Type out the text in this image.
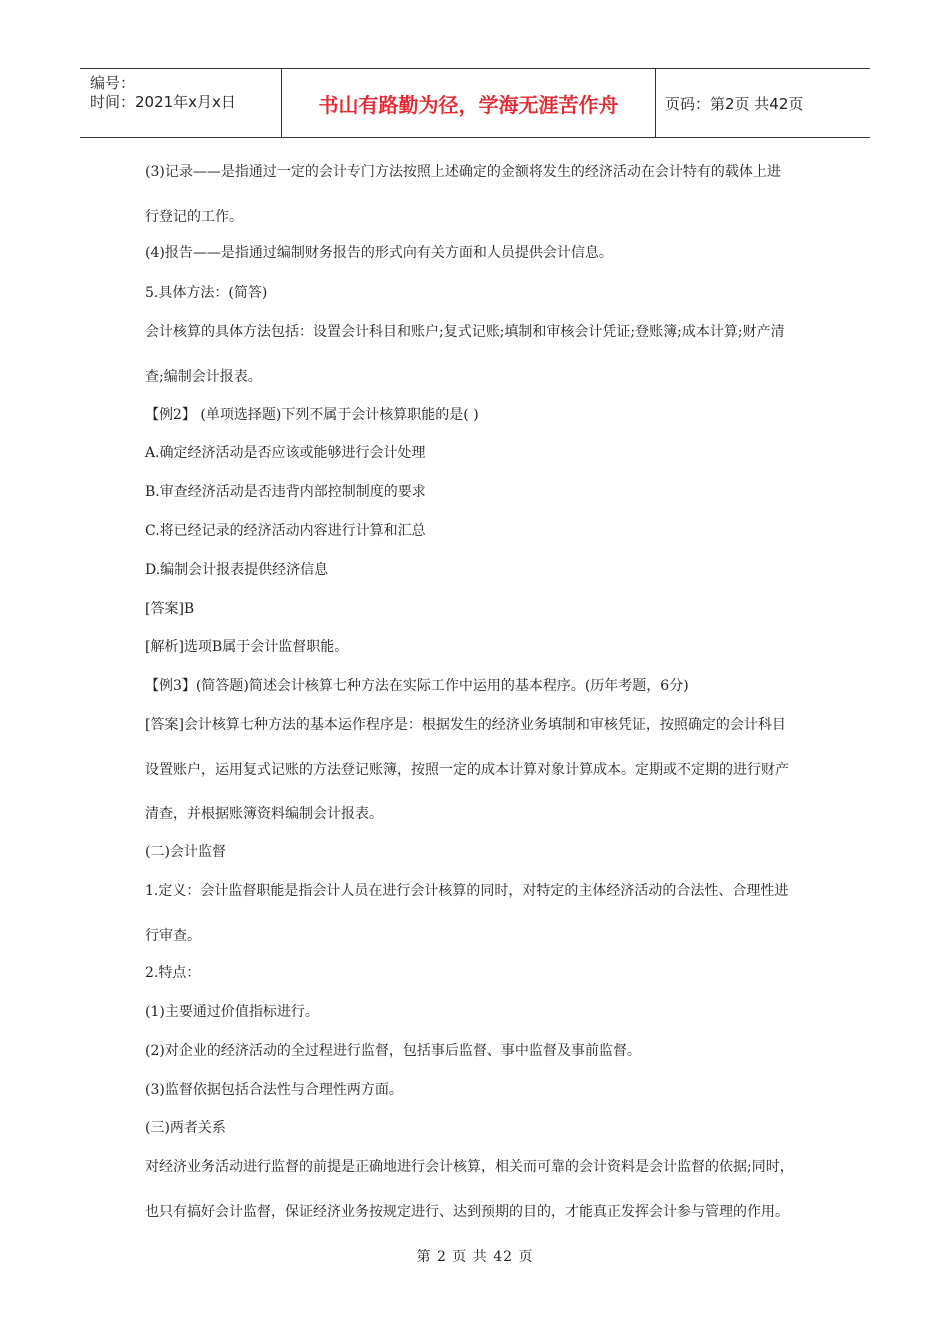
编号：
时间：2021年x月x日	书山有路勤为径，学海无涯苦作舟	页码：第2页 共42页
(3)记录——是指通过一定的会计专门方法按照上述确定的金额将发生的经济活动在会计特有的载体上进
行登记的工作。
(4)报告——是指通过编制财务报告的形式向有关方面和人员提供会计信息。
5.具体方法：(简答)
会计核算的具体方法包括：设置会计科目和账户;复式记账;填制和审核会计凭证;登账簿;成本计算;财产清
查;编制会计报表。
【例2】 (单项选择题)下列不属于会计核算职能的是( )
A.确定经济活动是否应该或能够进行会计处理
B.审查经济活动是否违背内部控制制度的要求
C.将已经记录的经济活动内容进行计算和汇总
D.编制会计报表提供经济信息
[答案]B
[解析]选项B属于会计监督职能。
【例3】(简答题)简述会计核算七种方法在实际工作中运用的基本程序。(历年考题，6分)
[答案]会计核算七种方法的基本运作程序是：根据发生的经济业务填制和审核凭证，按照确定的会计科目
设置账户，运用复式记账的方法登记账簿，按照一定的成本计算对象计算成本。定期或不定期的进行财产
清查，并根据账簿资料编制会计报表。
(二)会计监督
1.定义：会计监督职能是指会计人员在进行会计核算的同时，对特定的主体经济活动的合法性、合理性进
行审查。
2.特点：
(1)主要通过价值指标进行。
(2)对企业的经济活动的全过程进行监督，包括事后监督、事中监督及事前监督。
(3)监督依据包括合法性与合理性两方面。
(三)两者关系
对经济业务活动进行监督的前提是正确地进行会计核算，相关而可靠的会计资料是会计监督的依据;同时，
也只有搞好会计监督，保证经济业务按规定进行、达到预期的目的，才能真正发挥会计参与管理的作用。
第 2 页 共 42 页
